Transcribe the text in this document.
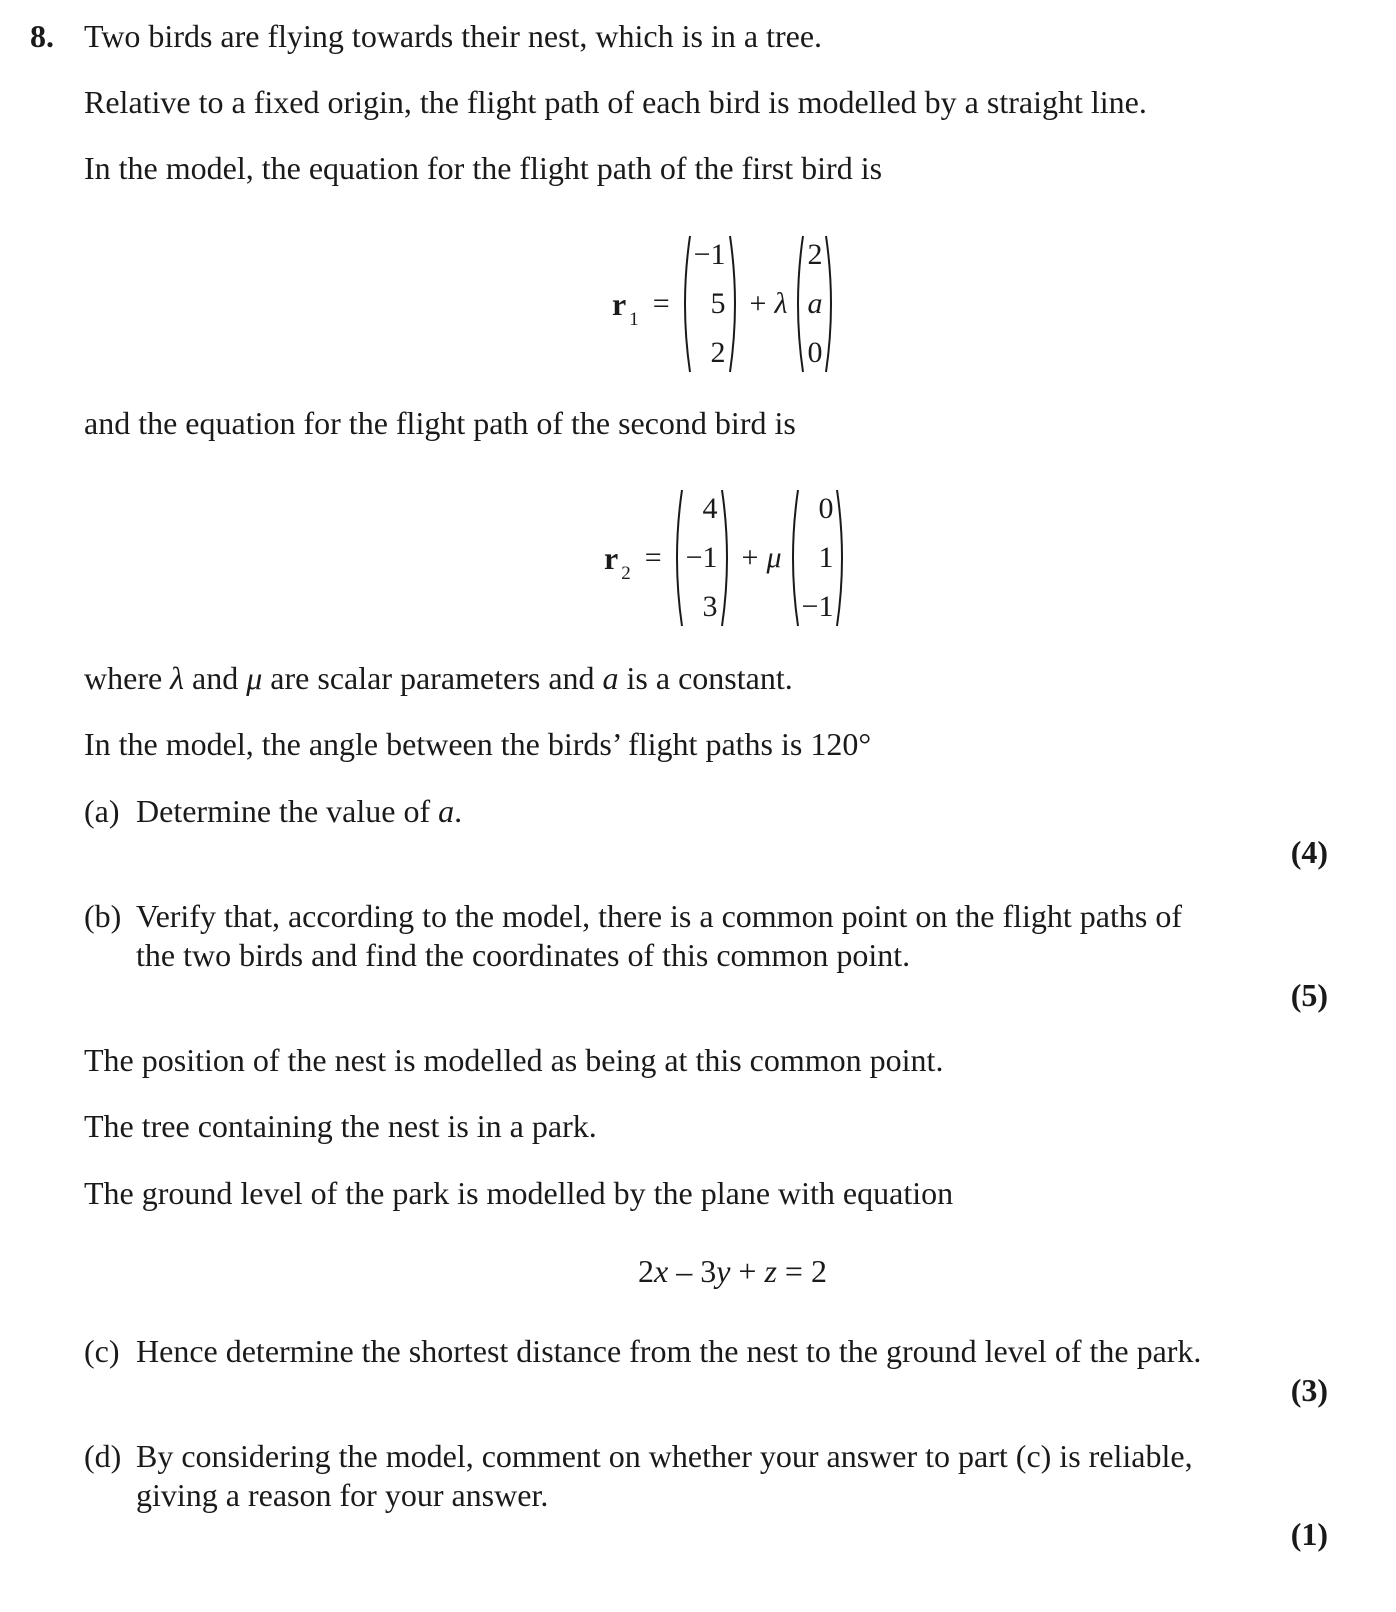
8. Two birds are flying towards their nest, which is in a tree.
Relative to a fixed origin, the flight path of each bird is modelled by a straight line.
In the model, the equation for the flight path of the first bird is
$r_1$ =
−1
5
2
+ λ
2
a
0
and the equation for the flight path of the second bird is
$r_2$ =
4
−1
3
+ μ
0
1
−1
where λ and μ are scalar parameters and a is a constant.
In the model, the angle between the birds’ flight paths is 120°
(a) Determine the value of a.
(4)
(b) Verify that, according to the model, there is a common point on the flight paths of
the two birds and find the coordinates of this common point.
(5)
The position of the nest is modelled as being at this common point.
The tree containing the nest is in a park.
The ground level of the park is modelled by the plane with equation
2x – 3y + z = 2
(c) Hence determine the shortest distance from the nest to the ground level of the park.
(3)
(d) By considering the model, comment on whether your answer to part (c) is reliable,
giving a reason for your answer.
(1)
